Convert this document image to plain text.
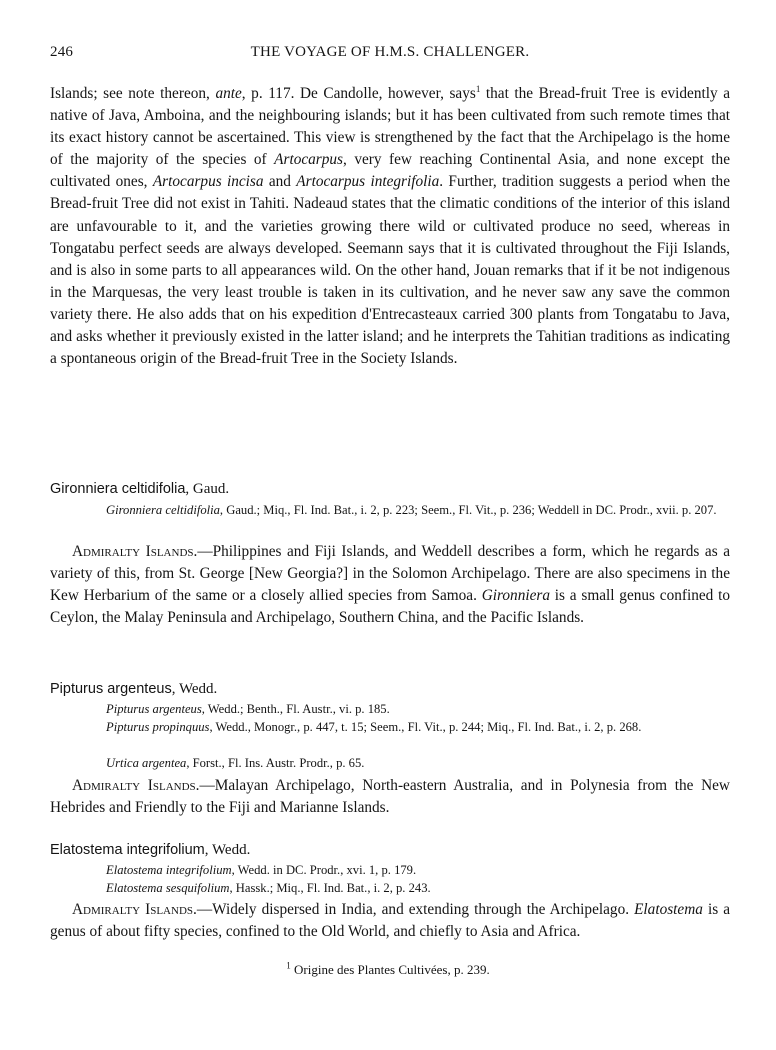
246	THE VOYAGE OF H.M.S. CHALLENGER.

Islands; see note thereon, ante, p. 117. De Candolle, however, says$^1$ that the Bread-fruit Tree is evidently a native of Java, Amboina, and the neighbouring islands; but it has been cultivated from such remote times that its exact history cannot be ascertained. This view is strengthened by the fact that the Archipelago is the home of the majority of the species of Artocarpus, very few reaching Continental Asia, and none except the cultivated ones, Artocarpus incisa and Artocarpus integrifolia. Further, tradition suggests a period when the Bread-fruit Tree did not exist in Tahiti. Nadeaud states that the climatic conditions of the interior of this island are unfavourable to it, and the varieties growing there wild or cultivated produce no seed, whereas in Tongatabu perfect seeds are always developed. Seemann says that it is cultivated throughout the Fiji Islands, and is also in some parts to all appearances wild. On the other hand, Jouan remarks that if it be not indigenous in the Marquesas, the very least trouble is taken in its cultivation, and he never saw any save the common variety there. He also adds that on his expedition d'Entrecasteaux carried 300 plants from Tongatabu to Java, and asks whether it previously existed in the latter island; and he interprets the Tahitian traditions as indicating a spontaneous origin of the Bread-fruit Tree in the Society Islands.

Gironniera celtidifolia, Gaud.

Gironniera celtidifolia, Gaud.; Miq., Fl. Ind. Bat., i. 2, p. 223; Seem., Fl. Vit., p. 236; Weddell in DC. Prodr., xvii. p. 207.

Admiralty Islands.—Philippines and Fiji Islands, and Weddell describes a form, which he regards as a variety of this, from St. George [New Georgia?] in the Solomon Archipelago. There are also specimens in the Kew Herbarium of the same or a closely allied species from Samoa. Gironniera is a small genus confined to Ceylon, the Malay Peninsula and Archipelago, Southern China, and the Pacific Islands.

Pipturus argenteus, Wedd.

Pipturus argenteus, Wedd.; Benth., Fl. Austr., vi. p. 185.

Pipturus propinquus, Wedd., Monogr., p. 447, t. 15; Seem., Fl. Vit., p. 244; Miq., Fl. Ind. Bat., i. 2, p. 268.

Urtica argentea, Forst., Fl. Ins. Austr. Prodr., p. 65.

Admiralty Islands.—Malayan Archipelago, North-eastern Australia, and in Polynesia from the New Hebrides and Friendly to the Fiji and Marianne Islands.

Elatostema integrifolium, Wedd.

Elatostema integrifolium, Wedd. in DC. Prodr., xvi. 1, p. 179.

Elatostema sesquifolium, Hassk.; Miq., Fl. Ind. Bat., i. 2, p. 243.

Admiralty Islands.—Widely dispersed in India, and extending through the Archipelago. Elatostema is a genus of about fifty species, confined to the Old World, and chiefly to Asia and Africa.

$^1$ Origine des Plantes Cultivées, p. 239.
